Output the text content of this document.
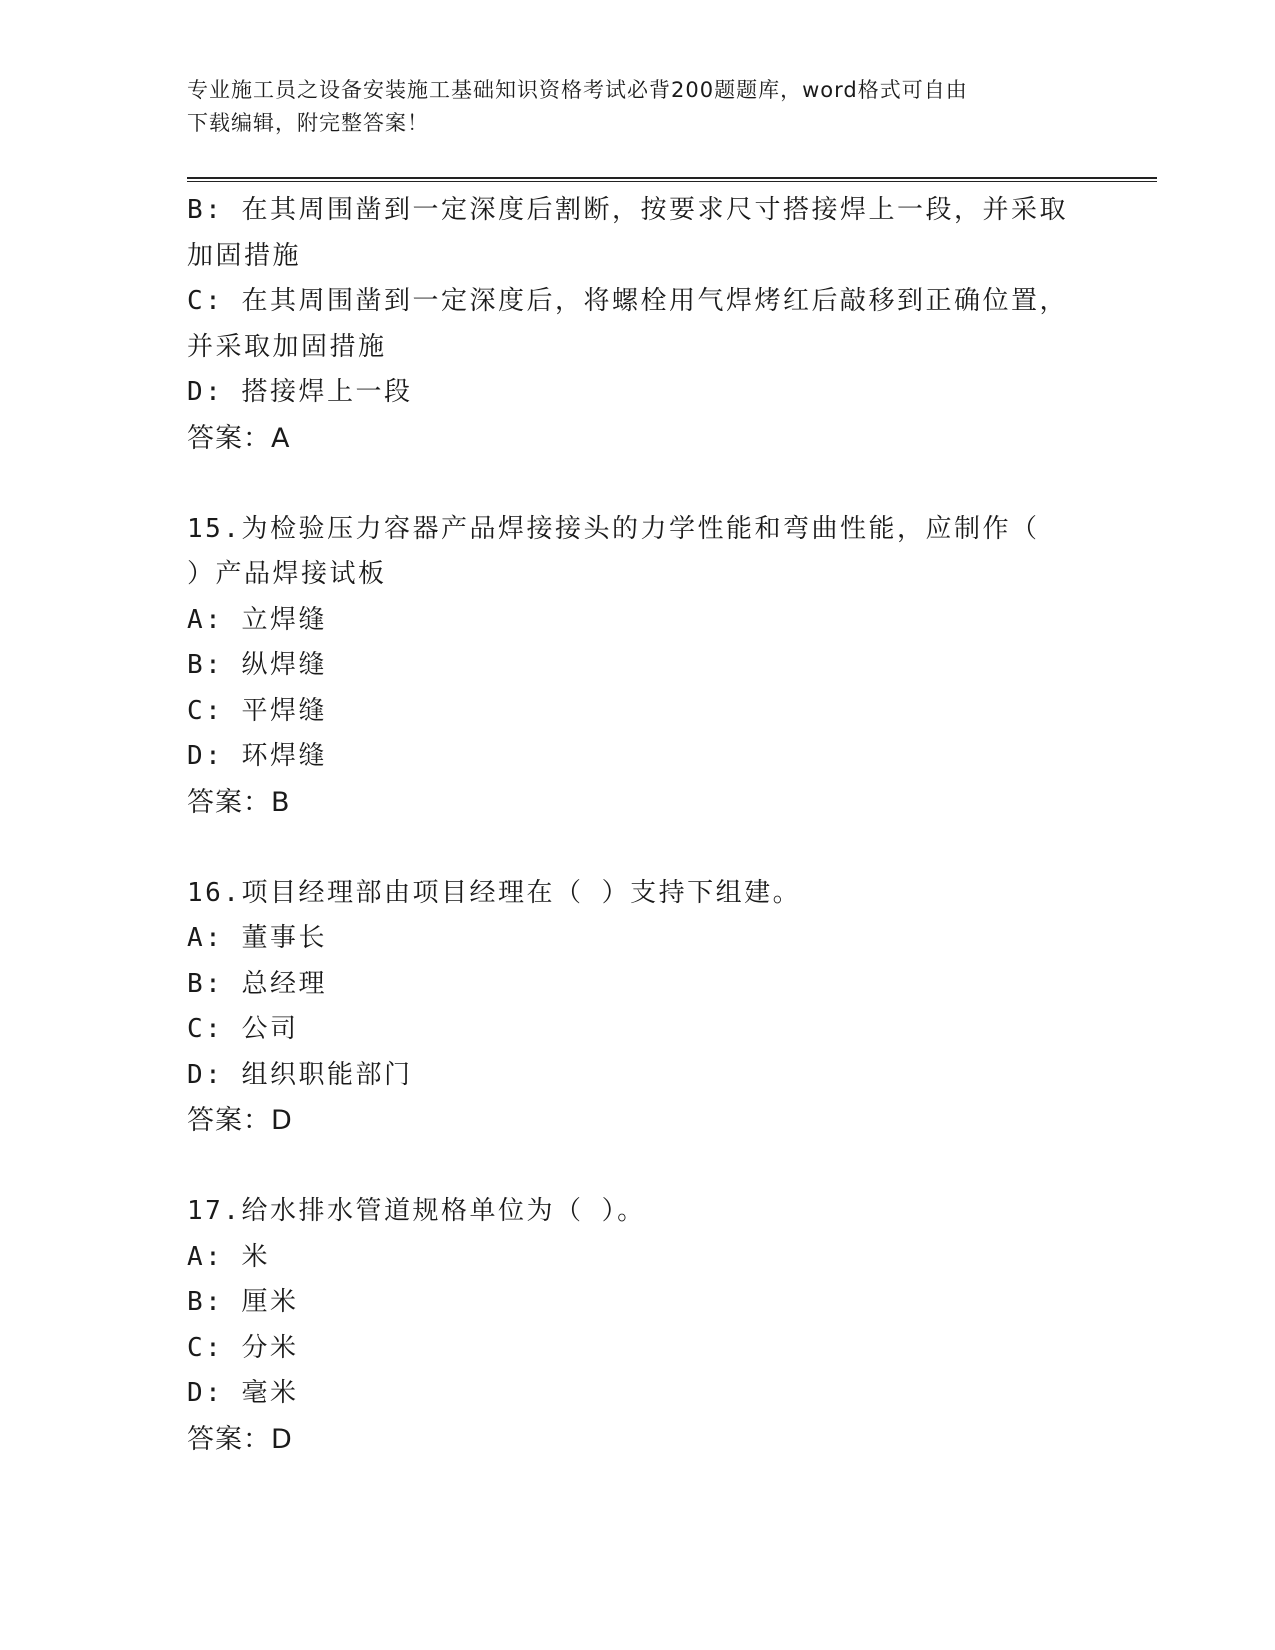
专业施工员之设备安装施工基础知识资格考试必背200题题库，word格式可自由
下载编辑，附完整答案！
B: 在其周围凿到一定深度后割断，按要求尺寸搭接焊上一段，并采取
加固措施
C: 在其周围凿到一定深度后，将螺栓用气焊烤红后敲移到正确位置，
并采取加固措施
D: 搭接焊上一段
答案：A
15.为检验压力容器产品焊接接头的力学性能和弯曲性能，应制作（
）产品焊接试板
A: 立焊缝
B: 纵焊缝
C: 平焊缝
D: 环焊缝
答案：B
16.项目经理部由项目经理在（ ）支持下组建。
A: 董事长
B: 总经理
C: 公司
D: 组织职能部门
答案：D
17.给水排水管道规格单位为（ ）。
A: 米
B: 厘米
C: 分米
D: 毫米
答案：D
